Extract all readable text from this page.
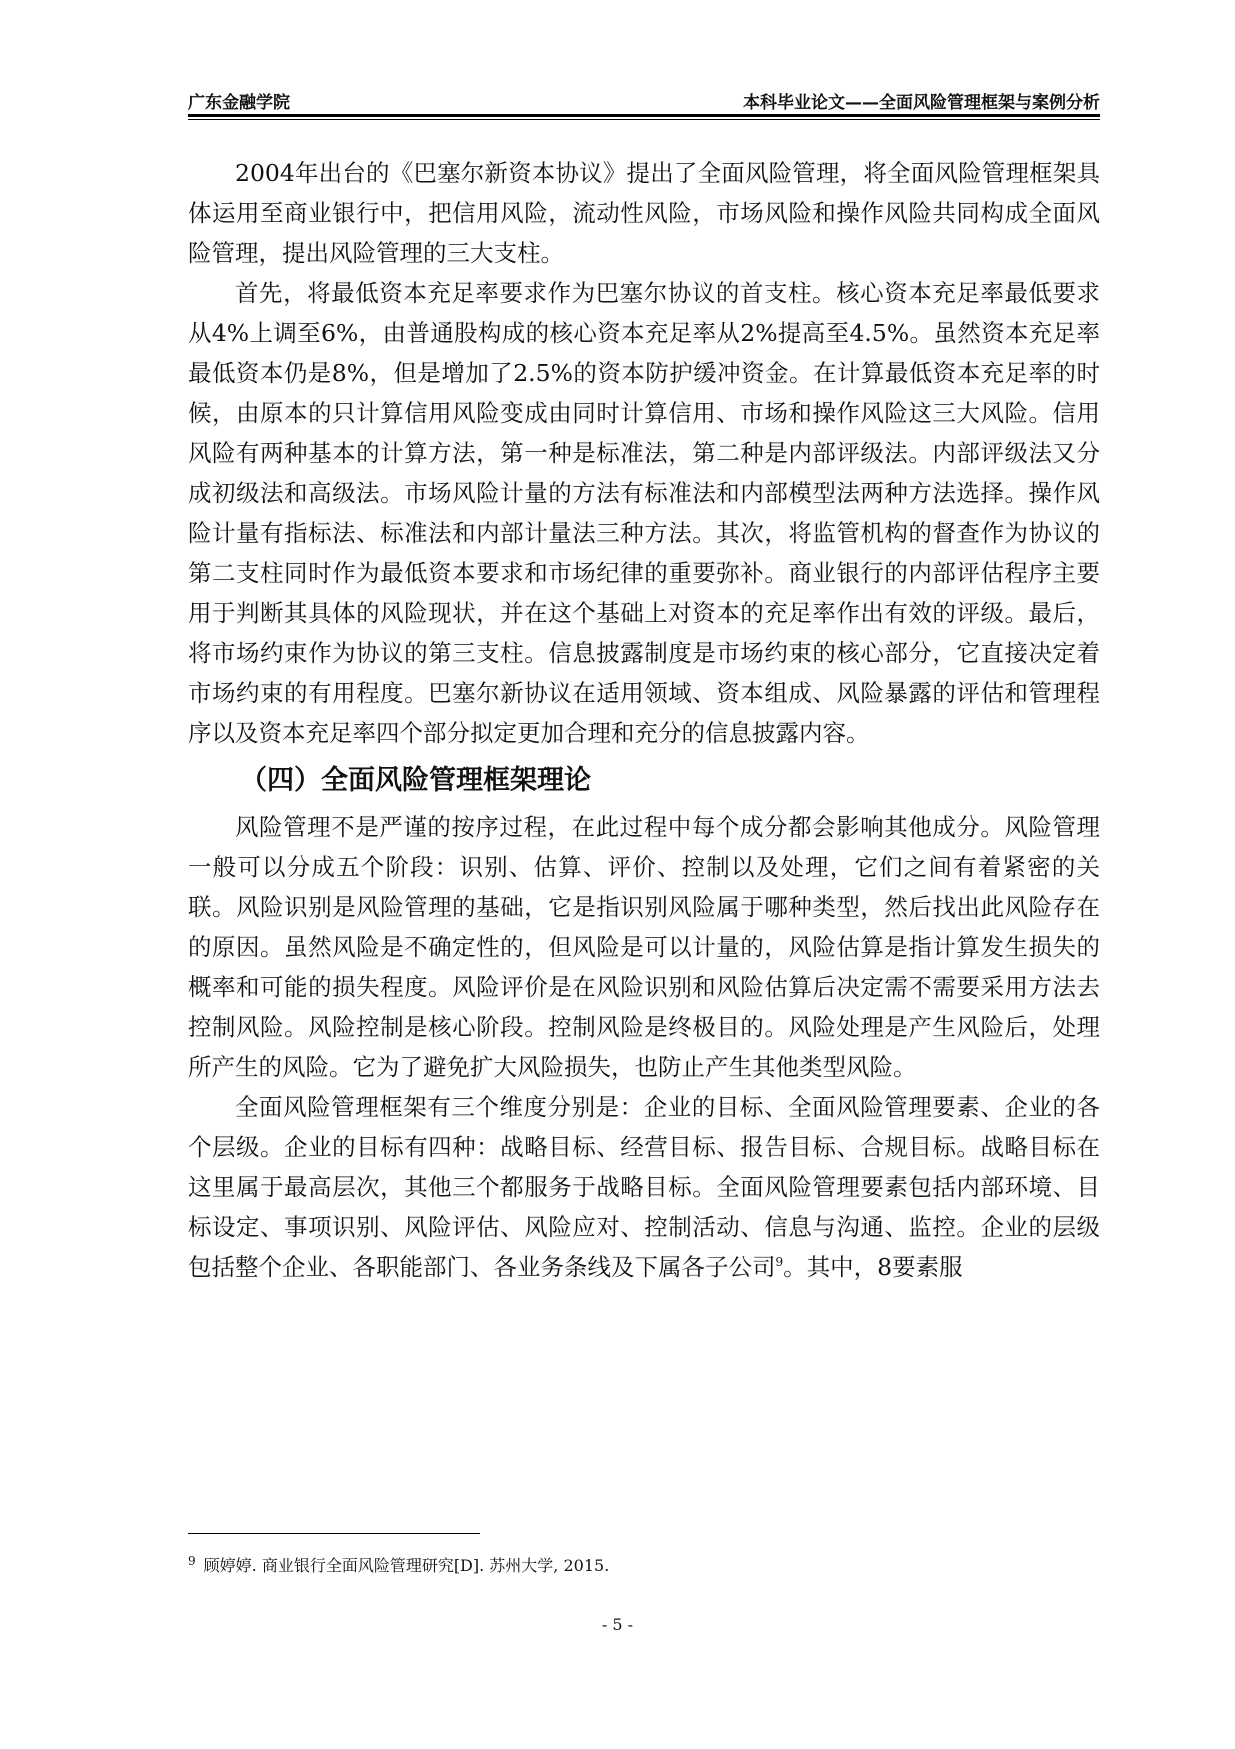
广东金融学院	本科毕业论文——全面风险管理框架与案例分析

2004年出台的《巴塞尔新资本协议》提出了全面风险管理，将全面风险管理框架具体运用至商业银行中，把信用风险，流动性风险，市场风险和操作风险共同构成全面风险管理，提出风险管理的三大支柱。

首先，将最低资本充足率要求作为巴塞尔协议的首支柱。核心资本充足率最低要求从4%上调至6%，由普通股构成的核心资本充足率从2%提高至4.5%。虽然资本充足率最低资本仍是8%，但是增加了2.5%的资本防护缓冲资金。在计算最低资本充足率的时候，由原本的只计算信用风险变成由同时计算信用、市场和操作风险这三大风险。信用风险有两种基本的计算方法，第一种是标准法，第二种是内部评级法。内部评级法又分成初级法和高级法。市场风险计量的方法有标准法和内部模型法两种方法选择。操作风险计量有指标法、标准法和内部计量法三种方法。其次，将监管机构的督查作为协议的第二支柱同时作为最低资本要求和市场纪律的重要弥补。商业银行的内部评估程序主要用于判断其具体的风险现状，并在这个基础上对资本的充足率作出有效的评级。最后，将市场约束作为协议的第三支柱。信息披露制度是市场约束的核心部分，它直接决定着市场约束的有用程度。巴塞尔新协议在适用领域、资本组成、风险暴露的评估和管理程序以及资本充足率四个部分拟定更加合理和充分的信息披露内容。

（四）全面风险管理框架理论

风险管理不是严谨的按序过程，在此过程中每个成分都会影响其他成分。风险管理一般可以分成五个阶段：识别、估算、评价、控制以及处理，它们之间有着紧密的关联。风险识别是风险管理的基础，它是指识别风险属于哪种类型，然后找出此风险存在的原因。虽然风险是不确定性的，但风险是可以计量的，风险估算是指计算发生损失的概率和可能的损失程度。风险评价是在风险识别和风险估算后决定需不需要采用方法去控制风险。风险控制是核心阶段。控制风险是终极目的。风险处理是产生风险后，处理所产生的风险。它为了避免扩大风险损失，也防止产生其他类型风险。

全面风险管理框架有三个维度分别是：企业的目标、全面风险管理要素、企业的各个层级。企业的目标有四种：战略目标、经营目标、报告目标、合规目标。战略目标在这里属于最高层次，其他三个都服务于战略目标。全面风险管理要素包括内部环境、目标设定、事项识别、风险评估、风险应对、控制活动、信息与沟通、监控。企业的层级包括整个企业、各职能部门、各业务条线及下属各子公司$^9$。其中，8要素服

$^9$ 顾婷婷. 商业银行全面风险管理研究[D]. 苏州大学, 2015.
- 5 -
